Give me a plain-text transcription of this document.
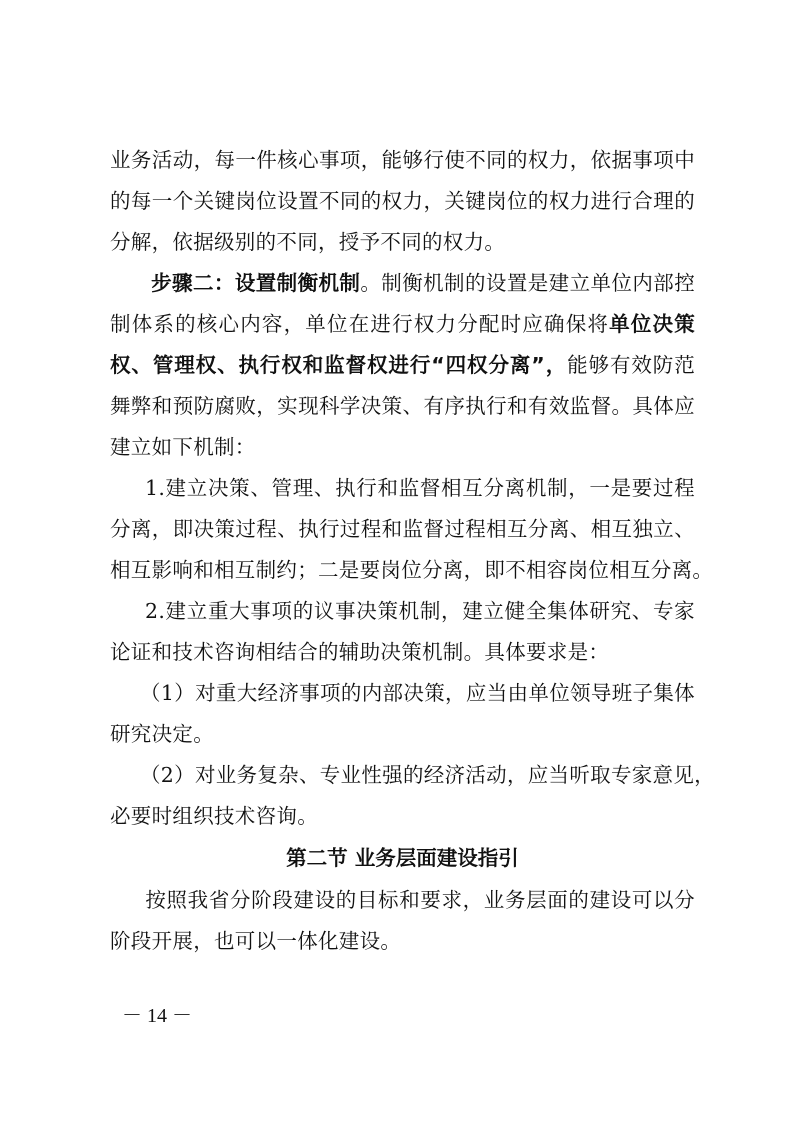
业务活动，每一件核心事项，能够行使不同的权力，依据事项中
的每一个关键岗位设置不同的权力，关键岗位的权力进行合理的
分解，依据级别的不同，授予不同的权力。
步骤二：设置制衡机制。制衡机制的设置是建立单位内部控
制体系的核心内容，单位在进行权力分配时应确保将单位决策
权、管理权、执行权和监督权进行“四权分离”，能够有效防范
舞弊和预防腐败，实现科学决策、有序执行和有效监督。具体应
建立如下机制：
1.建立决策、管理、执行和监督相互分离机制，一是要过程
分离，即决策过程、执行过程和监督过程相互分离、相互独立、
相互影响和相互制约；二是要岗位分离，即不相容岗位相互分离。
2.建立重大事项的议事决策机制，建立健全集体研究、专家
论证和技术咨询相结合的辅助决策机制。具体要求是：
（1）对重大经济事项的内部决策，应当由单位领导班子集体
研究决定。
（2）对业务复杂、专业性强的经济活动，应当听取专家意见，
必要时组织技术咨询。
第二节 业务层面建设指引
按照我省分阶段建设的目标和要求，业务层面的建设可以分
阶段开展，也可以一体化建设。
－ 14 －
